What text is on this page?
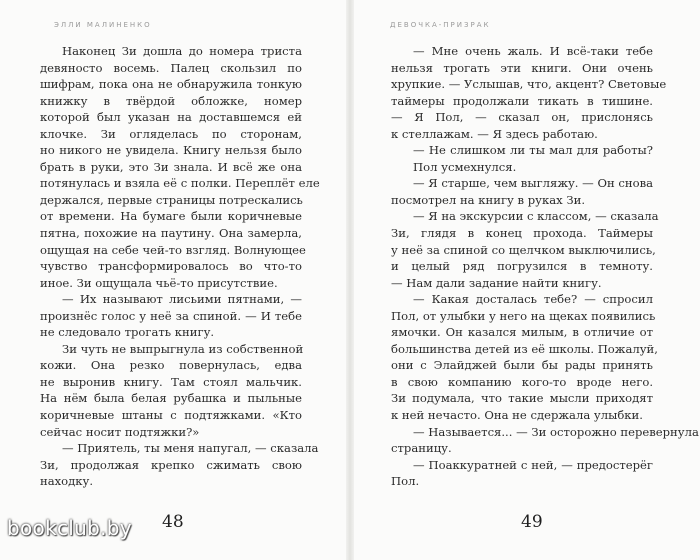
ЭЛЛИ МАЛИНЕНКО
Наконец Зи дошла до номера триста
девяносто восемь. Палец скользил по
шифрам, пока она не обнаружила тонкую
книжку в твёрдой обложке, номер
которой был указан на доставшемся ей
клочке. Зи огляделась по сторонам,
но никого не увидела. Книгу нельзя было
брать в руки, это Зи знала. И всё же она
потянулась и взяла её с полки. Переплёт еле
держался, первые страницы потрескались
от времени. На бумаге были коричневые
пятна, похожие на паутину. Она замерла,
ощущая на себе чей-то взгляд. Волнующее
чувство трансформировалось во что-то
иное. Зи ощущала чьё-то присутствие.
— Их называют лисьими пятнами, —
произнёс голос у неё за спиной. — И тебе
не следовало трогать книгу.
Зи чуть не выпрыгнула из собственной
кожи. Она резко повернулась, едва
не выронив книгу. Там стоял мальчик.
На нём была белая рубашка и пыльные
коричневые штаны с подтяжками. «Кто
сейчас носит подтяжки?»
— Приятель, ты меня напугал, — сказала
Зи, продолжая крепко сжимать свою
находку.
48
ДЕВОЧКА-ПРИЗРАК
— Мне очень жаль. И всё-таки тебе
нельзя трогать эти книги. Они очень
хрупкие. — Услышав, что, акцент? Световые
таймеры продолжали тикать в тишине.
— Я Пол, — сказал он, прислонясь
к стеллажам. — Я здесь работаю.
— Не слишком ли ты мал для работы?
Пол усмехнулся.
— Я старше, чем выгляжу. — Он снова
посмотрел на книгу в руках Зи.
— Я на экскурсии с классом, — сказала
Зи, глядя в конец прохода. Таймеры
у неё за спиной со щелчком выключились,
и целый ряд погрузился в темноту.
— Нам дали задание найти книгу.
— Какая досталась тебе? — спросил
Пол, от улыбки у него на щеках появились
ямочки. Он казался милым, в отличие от
большинства детей из её школы. Пожалуй,
они с Элайджей были бы рады принять
в свою компанию кого-то вроде него.
Зи подумала, что такие мысли приходят
к ней нечасто. Она не сдержала улыбки.
— Называется... — Зи осторожно перевернула
страницу.
— Поаккуратней с ней, — предостерёг
Пол.
49
bookclub.by
